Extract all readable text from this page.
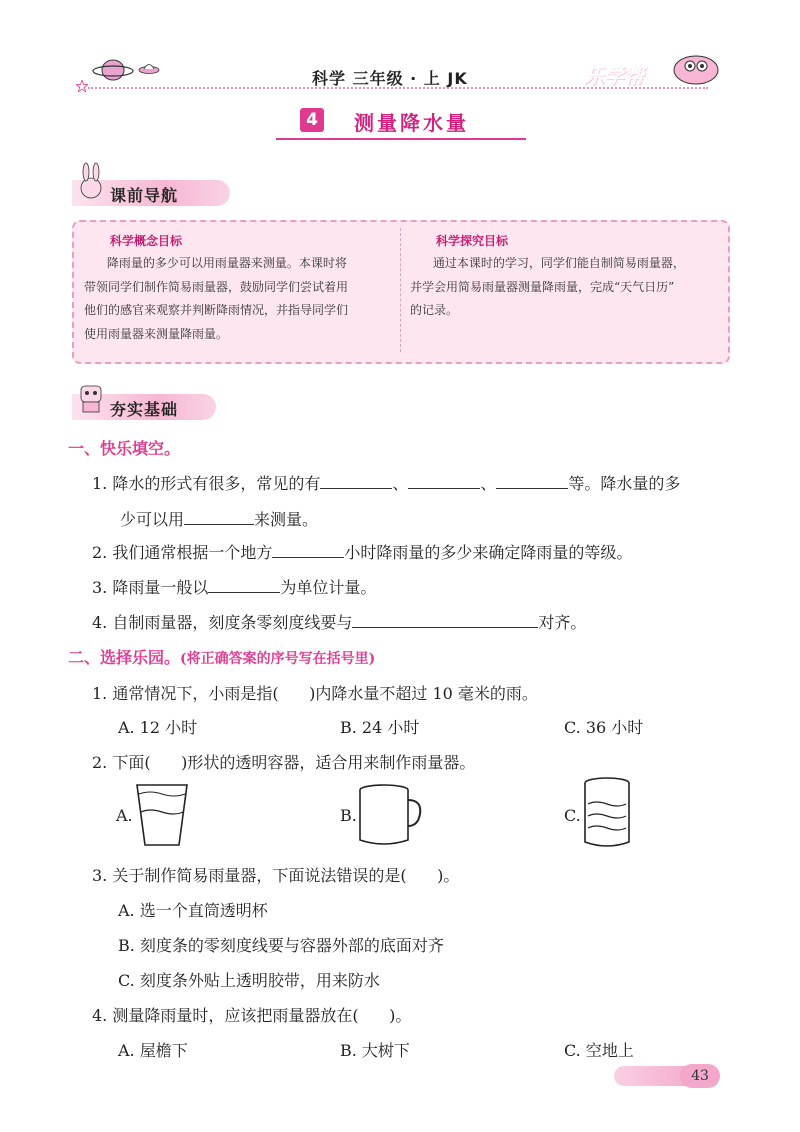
科学 三年级 · 上 JK	乐学帮
4	测量降水量
课前导航
科学概念目标
降雨量的多少可以用雨量器来测量。本课时将
带领同学们制作简易雨量器，鼓励同学们尝试着用
他们的感官来观察并判断降雨情况，并指导同学们
使用雨量器来测量降雨量。
科学探究目标
通过本课时的学习，同学们能自制简易雨量器，
并学会用简易雨量器测量降雨量，完成“天气日历”
的记录。
夯实基础
一、快乐填空。
1. 降水的形式有很多，常见的有	、	、	等。降水量的多
少可以用	来测量。
2. 我们通常根据一个地方	小时降雨量的多少来确定降雨量的等级。
3. 降雨量一般以	为单位计量。
4. 自制雨量器，刻度条零刻度线要与	对齐。
二、选择乐园。(将正确答案的序号写在括号里)
1. 通常情况下，小雨是指(      )内降水量不超过 10 毫米的雨。
A. 12 小时	B. 24 小时	C. 36 小时
2. 下面(      )形状的透明容器，适合用来制作雨量器。
A.	B.	C.
3. 关于制作简易雨量器，下面说法错误的是(      )。
A. 选一个直筒透明杯
B. 刻度条的零刻度线要与容器外部的底面对齐
C. 刻度条外贴上透明胶带，用来防水
4. 测量降雨量时，应该把雨量器放在(      )。
A. 屋檐下	B. 大树下	C. 空地上
43
